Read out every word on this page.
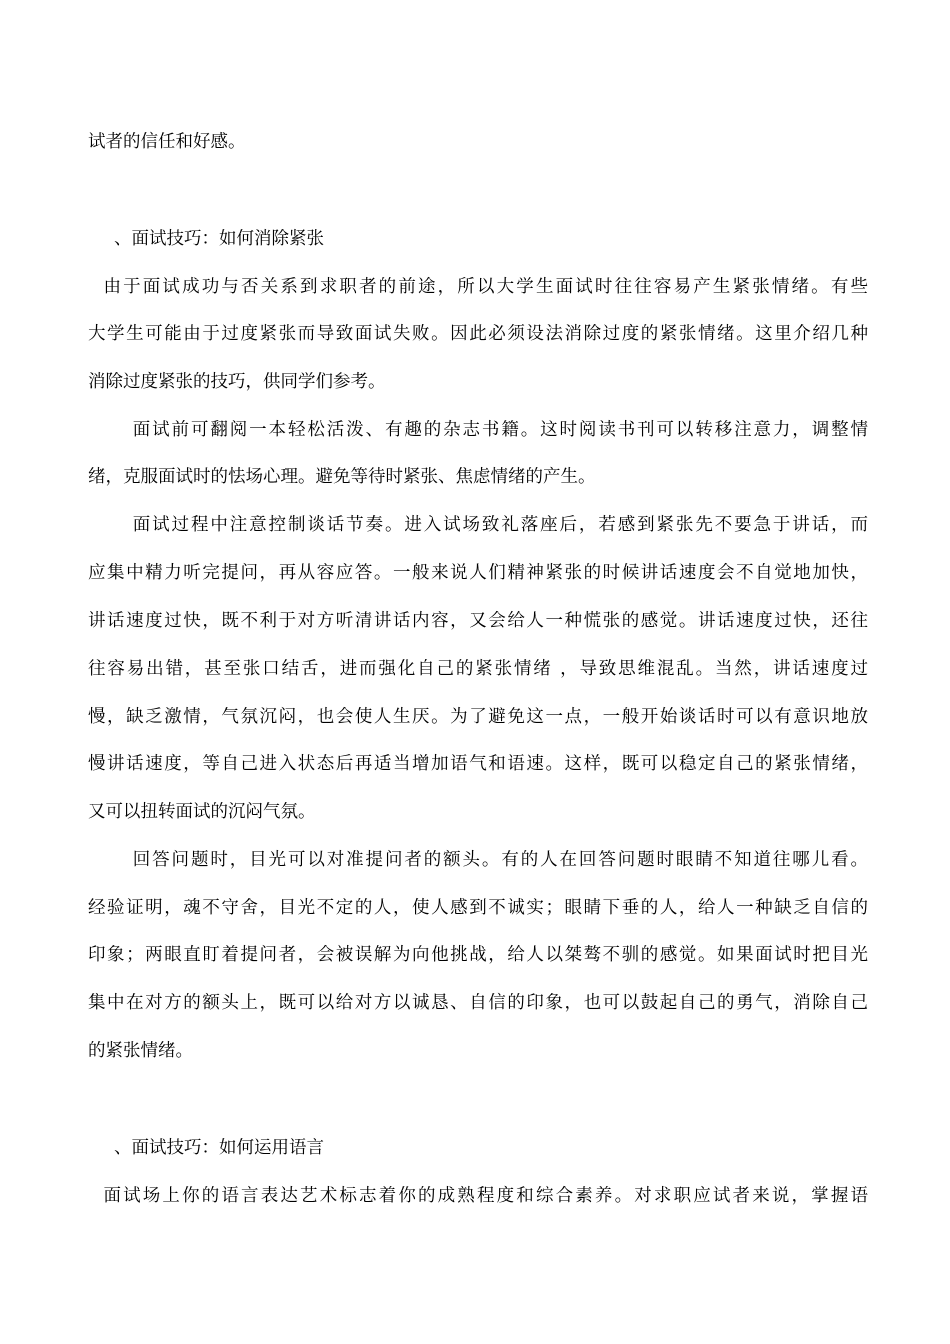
试者的信任和好感。
、面试技巧：如何消除紧张
由于面试成功与否关系到求职者的前途，所以大学生面试时往往容易产生紧张情绪。有些
大学生可能由于过度紧张而导致面试失败。因此必须设法消除过度的紧张情绪。这里介绍几种
消除过度紧张的技巧，供同学们参考。
面试前可翻阅一本轻松活泼、有趣的杂志书籍。这时阅读书刊可以转移注意力，调整情
绪，克服面试时的怯场心理。避免等待时紧张、焦虑情绪的产生。
面试过程中注意控制谈话节奏。进入试场致礼落座后，若感到紧张先不要急于讲话，而
应集中精力听完提问，再从容应答。一般来说人们精神紧张的时候讲话速度会不自觉地加快，
讲话速度过快，既不利于对方听清讲话内容，又会给人一种慌张的感觉。讲话速度过快，还往
往容易出错，甚至张口结舌，进而强化自己的紧张情绪 ，导致思维混乱。当然，讲话速度过
慢，缺乏激情，气氛沉闷，也会使人生厌。为了避免这一点，一般开始谈话时可以有意识地放
慢讲话速度，等自己进入状态后再适当增加语气和语速。这样，既可以稳定自己的紧张情绪，
又可以扭转面试的沉闷气氛。
回答问题时，目光可以对准提问者的额头。有的人在回答问题时眼睛不知道往哪儿看。
经验证明，魂不守舍，目光不定的人，使人感到不诚实；眼睛下垂的人，给人一种缺乏自信的
印象；两眼直盯着提问者，会被误解为向他挑战，给人以桀骜不驯的感觉。如果面试时把目光
集中在对方的额头上，既可以给对方以诚恳、自信的印象，也可以鼓起自己的勇气，消除自己
的紧张情绪。
、面试技巧：如何运用语言
面试场上你的语言表达艺术标志着你的成熟程度和综合素养。对求职应试者来说，掌握语
